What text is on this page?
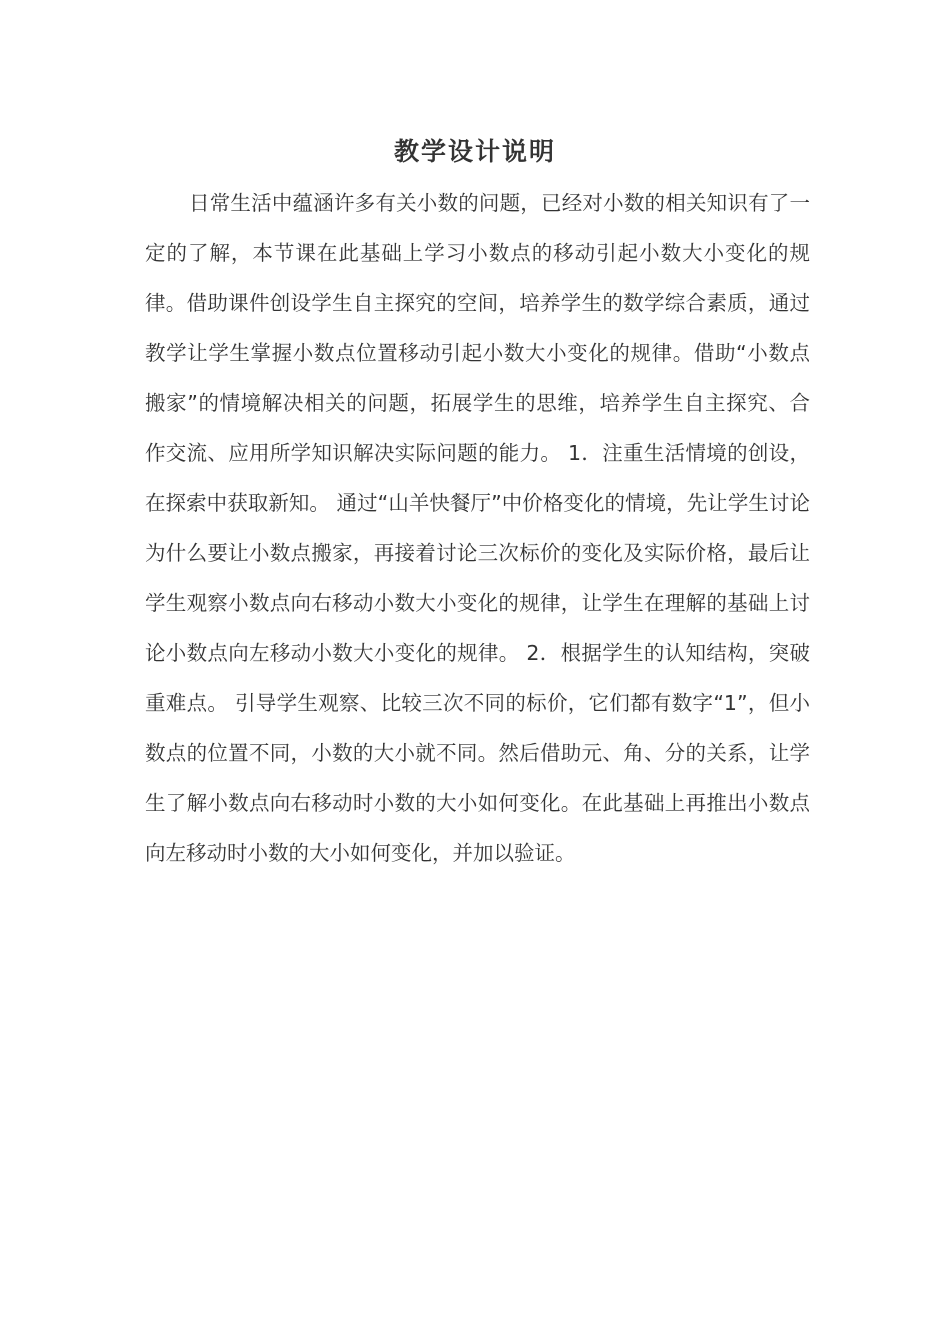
教学设计说明

日常生活中蕴涵许多有关小数的问题，已经对小数的相关知识有了一定的了解，本节课在此基础上学习小数点的移动引起小数大小变化的规律。借助课件创设学生自主探究的空间，培养学生的数学综合素质，通过教学让学生掌握小数点位置移动引起小数大小变化的规律。借助“小数点搬家”的情境解决相关的问题，拓展学生的思维，培养学生自主探究、合作交流、应用所学知识解决实际问题的能力。 1．注重生活情境的创设，在探索中获取新知。 通过“山羊快餐厅”中价格变化的情境，先让学生讨论为什么要让小数点搬家，再接着讨论三次标价的变化及实际价格，最后让学生观察小数点向右移动小数大小变化的规律，让学生在理解的基础上讨论小数点向左移动小数大小变化的规律。 2．根据学生的认知结构，突破重难点。 引导学生观察、比较三次不同的标价，它们都有数字“1”，但小数点的位置不同，小数的大小就不同。然后借助元、角、分的关系，让学生了解小数点向右移动时小数的大小如何变化。在此基础上再推出小数点向左移动时小数的大小如何变化，并加以验证。
